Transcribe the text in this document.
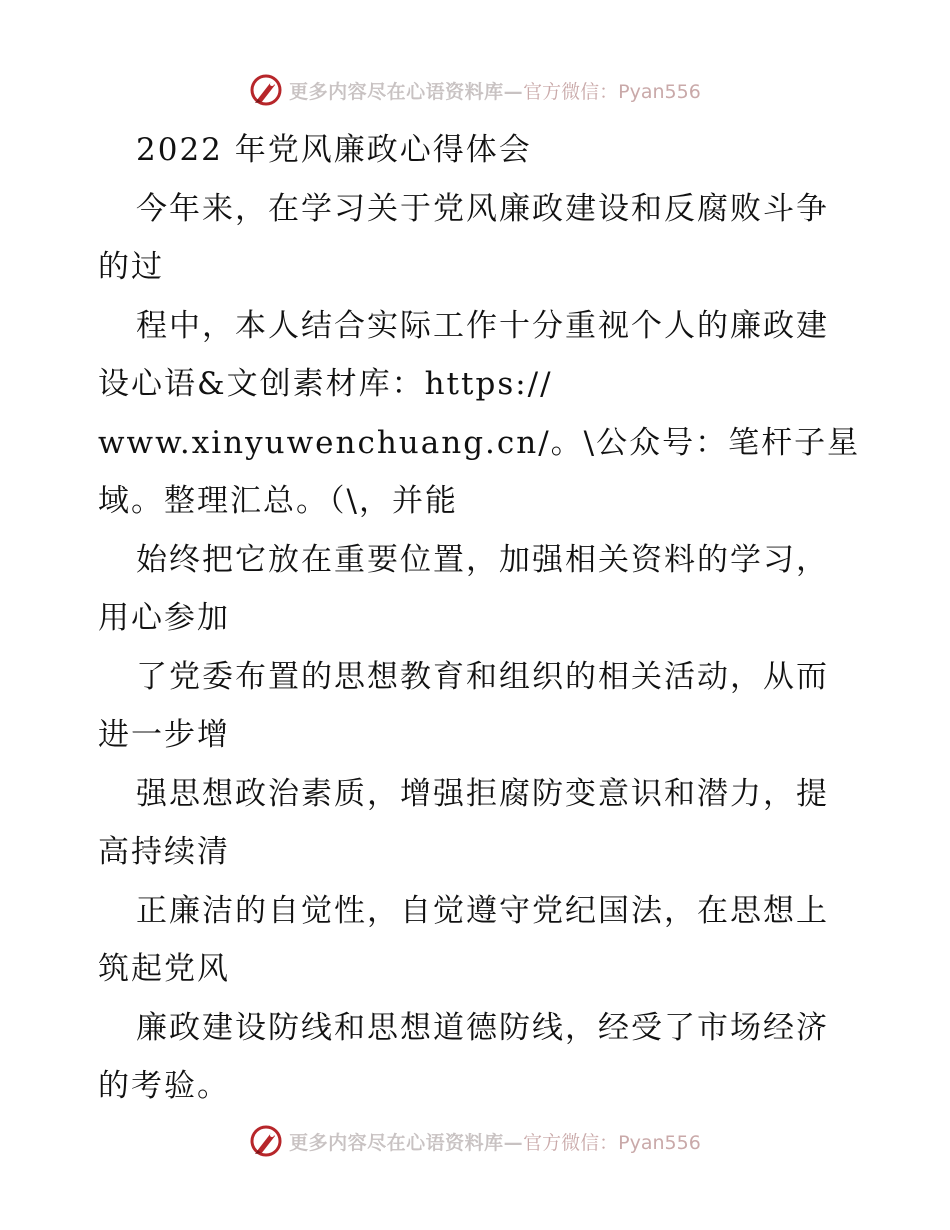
更多内容尽在心语资料库— 官方微信：Pyan556
2022 年党风廉政心得体会
今年来，在学习关于党风廉政建设和反腐败斗争
的过
程中，本人结合实际工作十分重视个人的廉政建
设心语&文创素材库：https://
www.xinyuwenchuang.cn/。\公众号：笔杆子星
域。整理汇总。（\，并能
始终把它放在重要位置，加强相关资料的学习，
用心参加
了党委布置的思想教育和组织的相关活动，从而
进一步增
强思想政治素质，增强拒腐防变意识和潜力，提
高持续清
正廉洁的自觉性，自觉遵守党纪国法，在思想上
筑起党风
廉政建设防线和思想道德防线，经受了市场经济
的考验。
更多内容尽在心语资料库— 官方微信：Pyan556
